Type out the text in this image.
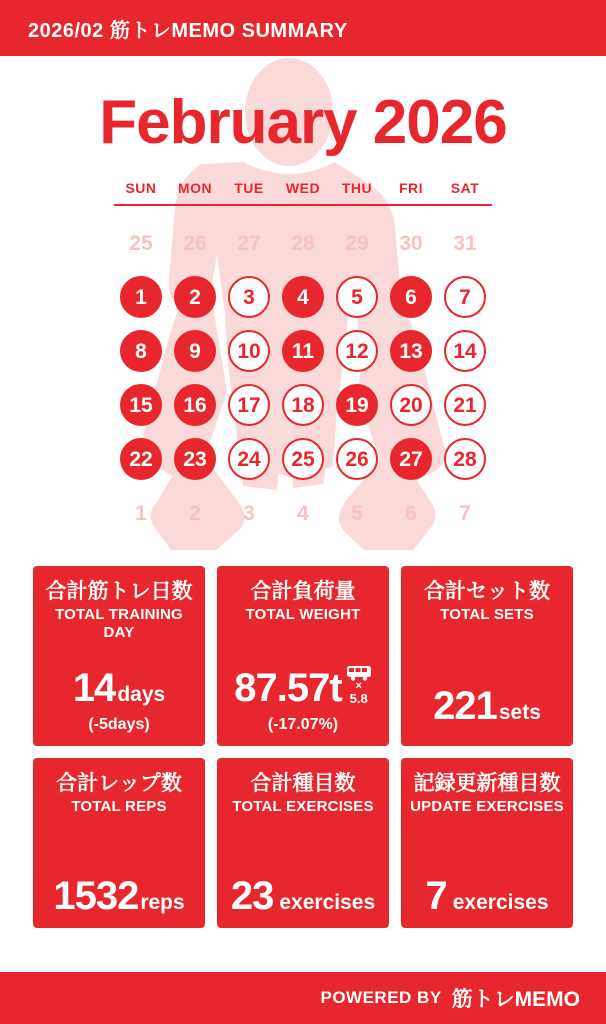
2026/02 筋トレMEMO SUMMARY
February 2026
SUN	MON	TUE	WED	THU	FRI	SAT
25	26	27	28	29	30	31
1	2	3	4	5	6	7
8	9	10	11	12	13	14
15	16	17	18	19	20	21
22	23	24	25	26	27	28
1	2	3	4	5	6	7
合計筋トレ日数
TOTAL TRAINING DAY
14 days
(-5days)
合計負荷量
TOTAL WEIGHT
87.57t ×
5.8
(-17.07%)
合計セット数
TOTAL SETS
221 sets
合計レップ数
TOTAL REPS
1532 reps
合計種目数
TOTAL EXERCISES
23 exercises
記録更新種目数
UPDATE EXERCISES
7 exercises
POWERED BY 筋トレMEMO
